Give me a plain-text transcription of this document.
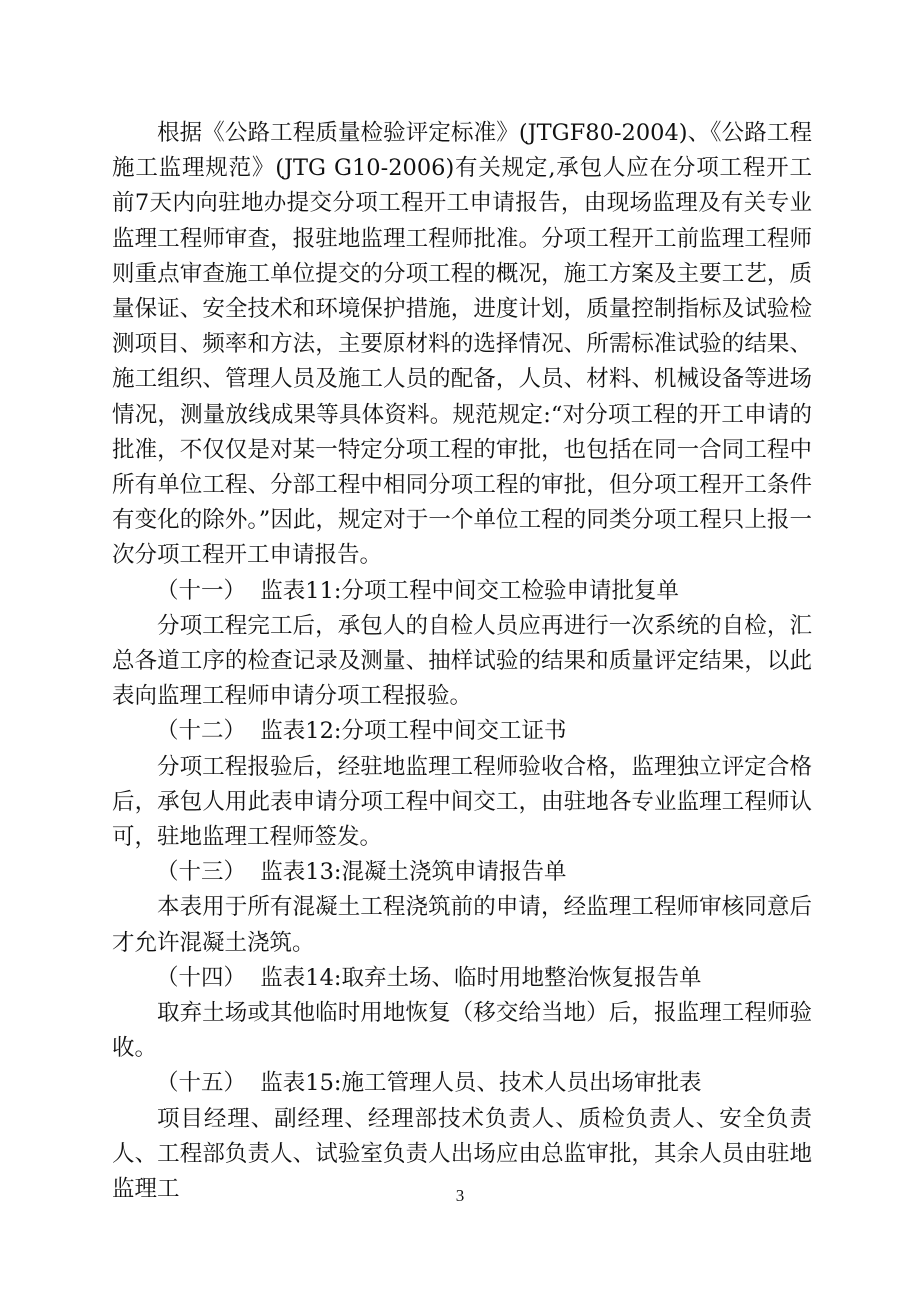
根据《公路工程质量检验评定标准》(JTGF80-2004)、《公路工程施工监理规范》(JTG G10-2006)有关规定,承包人应在分项工程开工前7天内向驻地办提交分项工程开工申请报告，由现场监理及有关专业监理工程师审查，报驻地监理工程师批准。分项工程开工前监理工程师则重点审查施工单位提交的分项工程的概况，施工方案及主要工艺，质量保证、安全技术和环境保护措施，进度计划，质量控制指标及试验检测项目、频率和方法，主要原材料的选择情况、所需标准试验的结果、施工组织、管理人员及施工人员的配备，人员、材料、机械设备等进场情况，测量放线成果等具体资料。规范规定:“对分项工程的开工申请的批准，不仅仅是对某一特定分项工程的审批，也包括在同一合同工程中所有单位工程、分部工程中相同分项工程的审批，但分项工程开工条件有变化的除外。”因此，规定对于一个单位工程的同类分项工程只上报一次分项工程开工申请报告。

（十一）  监表11:分项工程中间交工检验申请批复单

分项工程完工后，承包人的自检人员应再进行一次系统的自检，汇总各道工序的检查记录及测量、抽样试验的结果和质量评定结果，以此表向监理工程师申请分项工程报验。

（十二）  监表12:分项工程中间交工证书

分项工程报验后，经驻地监理工程师验收合格，监理独立评定合格后，承包人用此表申请分项工程中间交工，由驻地各专业监理工程师认可，驻地监理工程师签发。

（十三）  监表13:混凝土浇筑申请报告单

本表用于所有混凝土工程浇筑前的申请，经监理工程师审核同意后才允许混凝土浇筑。

（十四）  监表14:取弃土场、临时用地整治恢复报告单

取弃土场或其他临时用地恢复（移交给当地）后，报监理工程师验收。

（十五）  监表15:施工管理人员、技术人员出场审批表

项目经理、副经理、经理部技术负责人、质检负责人、安全负责人、工程部负责人、试验室负责人出场应由总监审批，其余人员由驻地监理工	3
